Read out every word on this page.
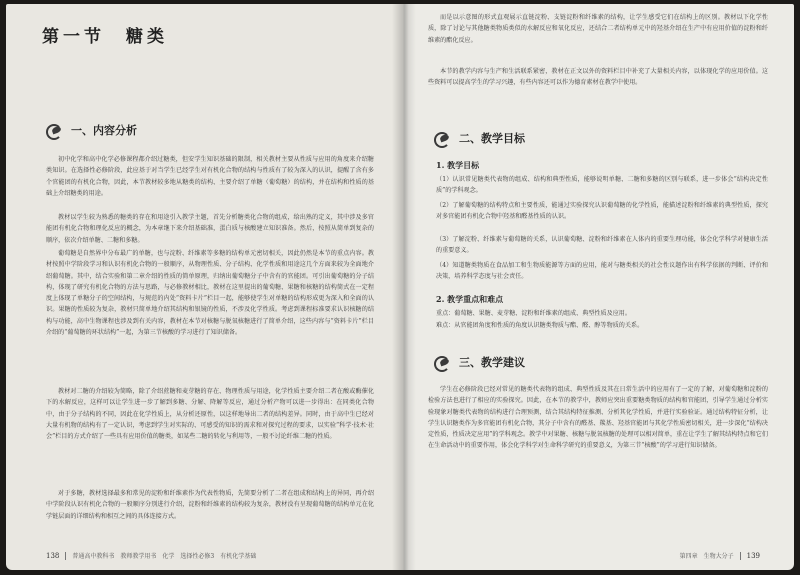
第一节　糖类
一、内容分析

初中化学和高中化学必修课程都介绍过糖类，但安学生知识基础的限制，相关教材主要从性质与应用的角度来介绍糖类知识。在选择性必修阶段，此应基于对当学生已经学生对有机化合物的结构与性质有了较为深入的认识，提醒了含有多个官能团的有机化合物，因此，本节教材较多地从糖类的结构、主要介绍了单糖（葡萄糖）的结构，并在结构和性质的基础上介绍糖类的用途。

教材以学生较为熟悉的糖类的存在和用途引入教学主题，首先分析糖类化合物的组成，给出熟的定义，其中涉及多官能团有机化合物和理化反应的概念，为本章继下来介绍基础准，蛋白质与核酸建立知识准备。然后，按照从简单到复杂的顺序，依次介绍单糖、二糖和多糖。

葡萄糖是自然界中分布最广的单糖，也与淀粉、纤维素等多糖的结构单元密切相关，因此仍然是本节的重点内容。教材按照中学阶段学习和认识有机化合物的一般顺序，从物理性质、分子结构、化学性质和用途这几个方面来较为全面地介绍葡萄糖。其中，结合实验和第二章介绍的性质的简单原理，归纳出葡萄糖分子中含有的官能团。可引出葡萄糖的分子结构，体现了研究有机化合物的方法与思路，与必修教材相比，教材在这里提出的葡萄糖、果糖和核糖的结构简式在一定程度上体现了单糖分子的空间结构，与规范的内处“资料卡片”栏目一起，能够使学生对单糖的结构形成更为深入和全面的认识。果糖的性质较为复杂，教材只简单地介绍其结构和银镜的性质，不涉及化学性质。考虑到课程标准要求认识核糖的结构与功能，高中生物课程也涉及到有关内容，教材在本节对核糖与脱氧核糖进行了简单介绍，这些内容与“资料卡片”栏目介绍的“葡萄糖的环状结构”一起，为第三节核酸的学习进行了知识储备。

教材对二糖的介绍较为简略，除了介绍蔗糖和麦芽糖的存在、物理性质与用途，化学性质主要介绍二者在酸或酶催化下的水解反应，这样可以让学生进一步了解到多糖、分解、降解等反应，通过分析产物可以进一步得出：在同类化合物中，由于分子结构的不同，因此在化学性质上，从分析还原性，以这样地导出二者的结构差异。同时，由于高中生已经对大量有机物的结构有了一定认识，考虑到学生对实际的、可感受的知识的需求和对探究过程的要求，以实验“科学·技术·社会”栏目的方式介绍了一些具有应用价值的糖类，如某些二糖的转化与利用等，一般不讨论纤维二糖的性质。

对于多糖，教材选择最多和常见的淀粉和纤维素作为代表性物质，先简要分析了二者在组成和结构上的异同，再介绍中学阶段认识有机化合物的一般顺序分别进行介绍，淀粉和纤维素的结构较为复杂，教材没有呈现葡萄糖的结构单元在化学链层面的详细结构和相互之间的具体连接方式。

138 普通高中教科书　教师教学用书　化学　选择性必修3　有机化学基础

而是以示意图的形式直观展示直链淀粉、支链淀粉和纤维素的结构，让学生感受它们在结构上的区别。教材以下化学性质，除了讨论与其他糖类物质类似的水解反应和氧化反应，还结合二者结构单元中的羟基介绍在生产中有应用价值的淀粉和纤维素的酯化反应。

本节的教学内容与生产和生活联系紧密，教材在正文以外的资料栏目中补充了大量相关内容，以体现化学的应用价值。这些资料可以提高学生的学习兴趣，有些内容还可以作为德育素材在教学中使用。

二、教学目标
1. 教学目标

（1）认识常见糖类代表物的组成、结构和典型性质，能够说明单糖、二糖和多糖的区别与联系，进一步体会“结构决定性质”的学科观念。

（2）了解葡萄糖的结构特点和主要性质，能通过实验探究认识葡萄糖的化学性质，能描述淀粉和纤维素的典型性质，探究对多官能团有机化合物中羟基和醛基性质的认识。

（3）了解淀粉、纤维素与葡萄糖的关系，认识葡萄糖、淀粉和纤维素在人体内的重要生理功能，体会化学科学对健康生活的重要意义。

（4）知道糖类物质在食品加工和生物质能源等方面的应用，能对与糖类相关的社会性议题作出有科学依据的判断、评价和决策，培养科学态度与社会责任。

2. 教学重点和难点

重点：葡萄糖、果糖、麦芽糖、淀粉和纤维素的组成、典型性质及应用。

难点：从官能团角度和性质的角度认识糖类物质与酯、醛、醇等物质的关系。

三、教学建议

学生在必修阶段已经对常见的糖类代表物的组成、典型性质及其在日常生活中的应用有了一定的了解，对葡萄糖和淀粉的检验方法也进行了相应的实验探究。因此，在本节的教学中，教师应突出重要糖类物质的结构和官能团，引导学生通过分析实验现象对糖类代表物的结构进行合理预测，结合其结构特征推测、分析其化学性质，并进行实验验证。通过结构特征分析，让学生认识糖类作为多官能团有机化合物，其分子中含有的醛基、羰基、羟基官能团与其化学性质密切相关，进一步深化“结构决定性质，性质决定应用”的学科观念。教学中对果糖、核糖与脱氧核糖的处理可以相对简单，重在让学生了解其结构特点和它们在生命活动中的重要作用，体会化学科学对生命科学研究的重要意义，为第三节“核酸”的学习进行知识储备。

第四章　生物大分子 139
